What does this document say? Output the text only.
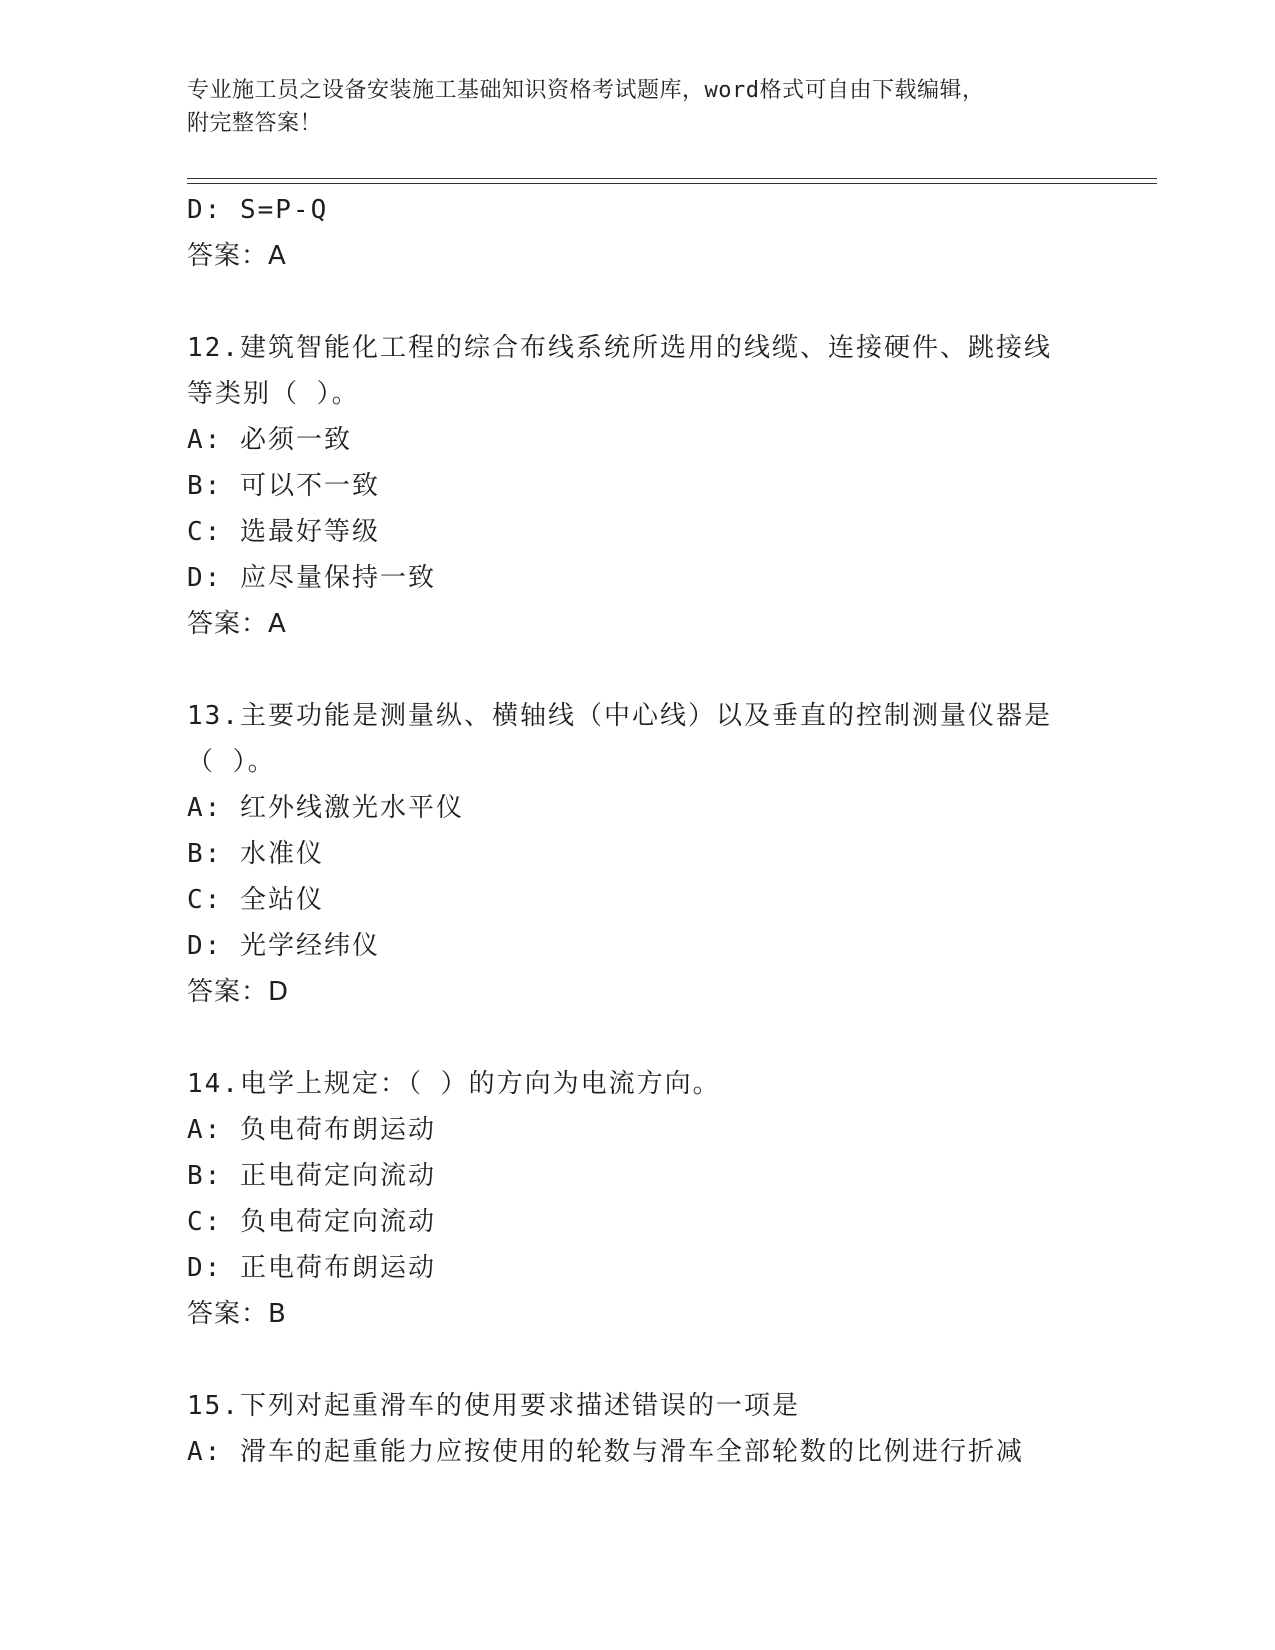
专业施工员之设备安装施工基础知识资格考试题库，word格式可自由下载编辑，
附完整答案！
D: S=P-Q
答案：A
12.建筑智能化工程的综合布线系统所选用的线缆、连接硬件、跳接线
等类别（ ）。
A: 必须一致
B: 可以不一致
C: 选最好等级
D: 应尽量保持一致
答案：A
13.主要功能是测量纵、横轴线（中心线）以及垂直的控制测量仪器是
（ ）。
A: 红外线激光水平仪
B: 水准仪
C: 全站仪
D: 光学经纬仪
答案：D
14.电学上规定：（ ）的方向为电流方向。
A: 负电荷布朗运动
B: 正电荷定向流动
C: 负电荷定向流动
D: 正电荷布朗运动
答案：B
15.下列对起重滑车的使用要求描述错误的一项是
A: 滑车的起重能力应按使用的轮数与滑车全部轮数的比例进行折减
